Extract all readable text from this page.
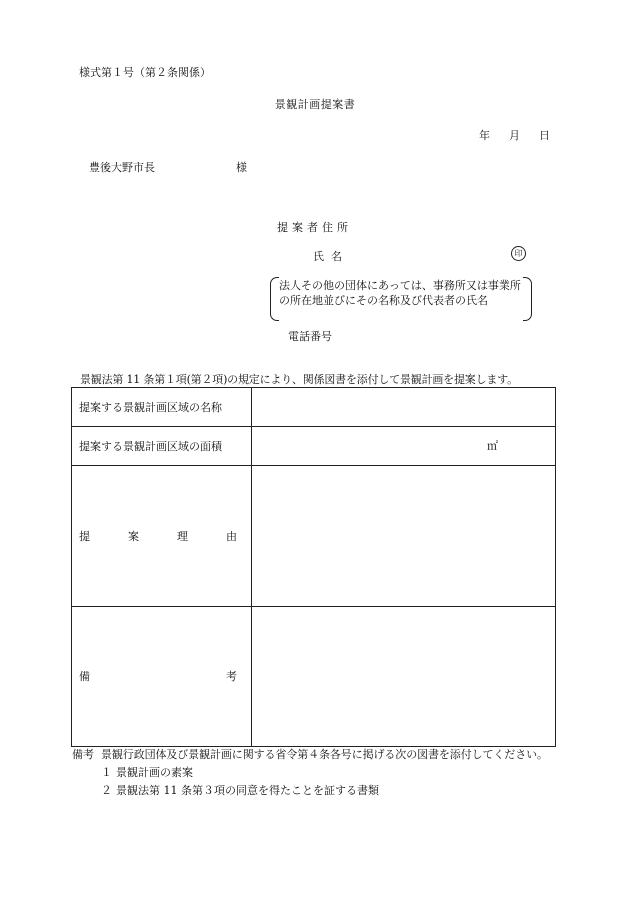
様式第１号（第２条関係）
景観計画提案書
年 月 日
豊後大野市長	様
提案者住所
氏名	印
法人その他の団体にあっては、事務所又は事業所の所在地並びにその名称及び代表者の氏名
電話番号
景観法第 11 条第１項(第２項)の規定により、関係図書を添付して景観計画を提案します。
提案する景観計画区域の名称	
提案する景観計画区域の面積	㎡

提 案 理 由	

備 考	

備考 景観行政団体及び景観計画に関する省令第４条各号に掲げる次の図書を添付してください。
１ 景観計画の素案
２ 景観法第 11 条第３項の同意を得たことを証する書類
